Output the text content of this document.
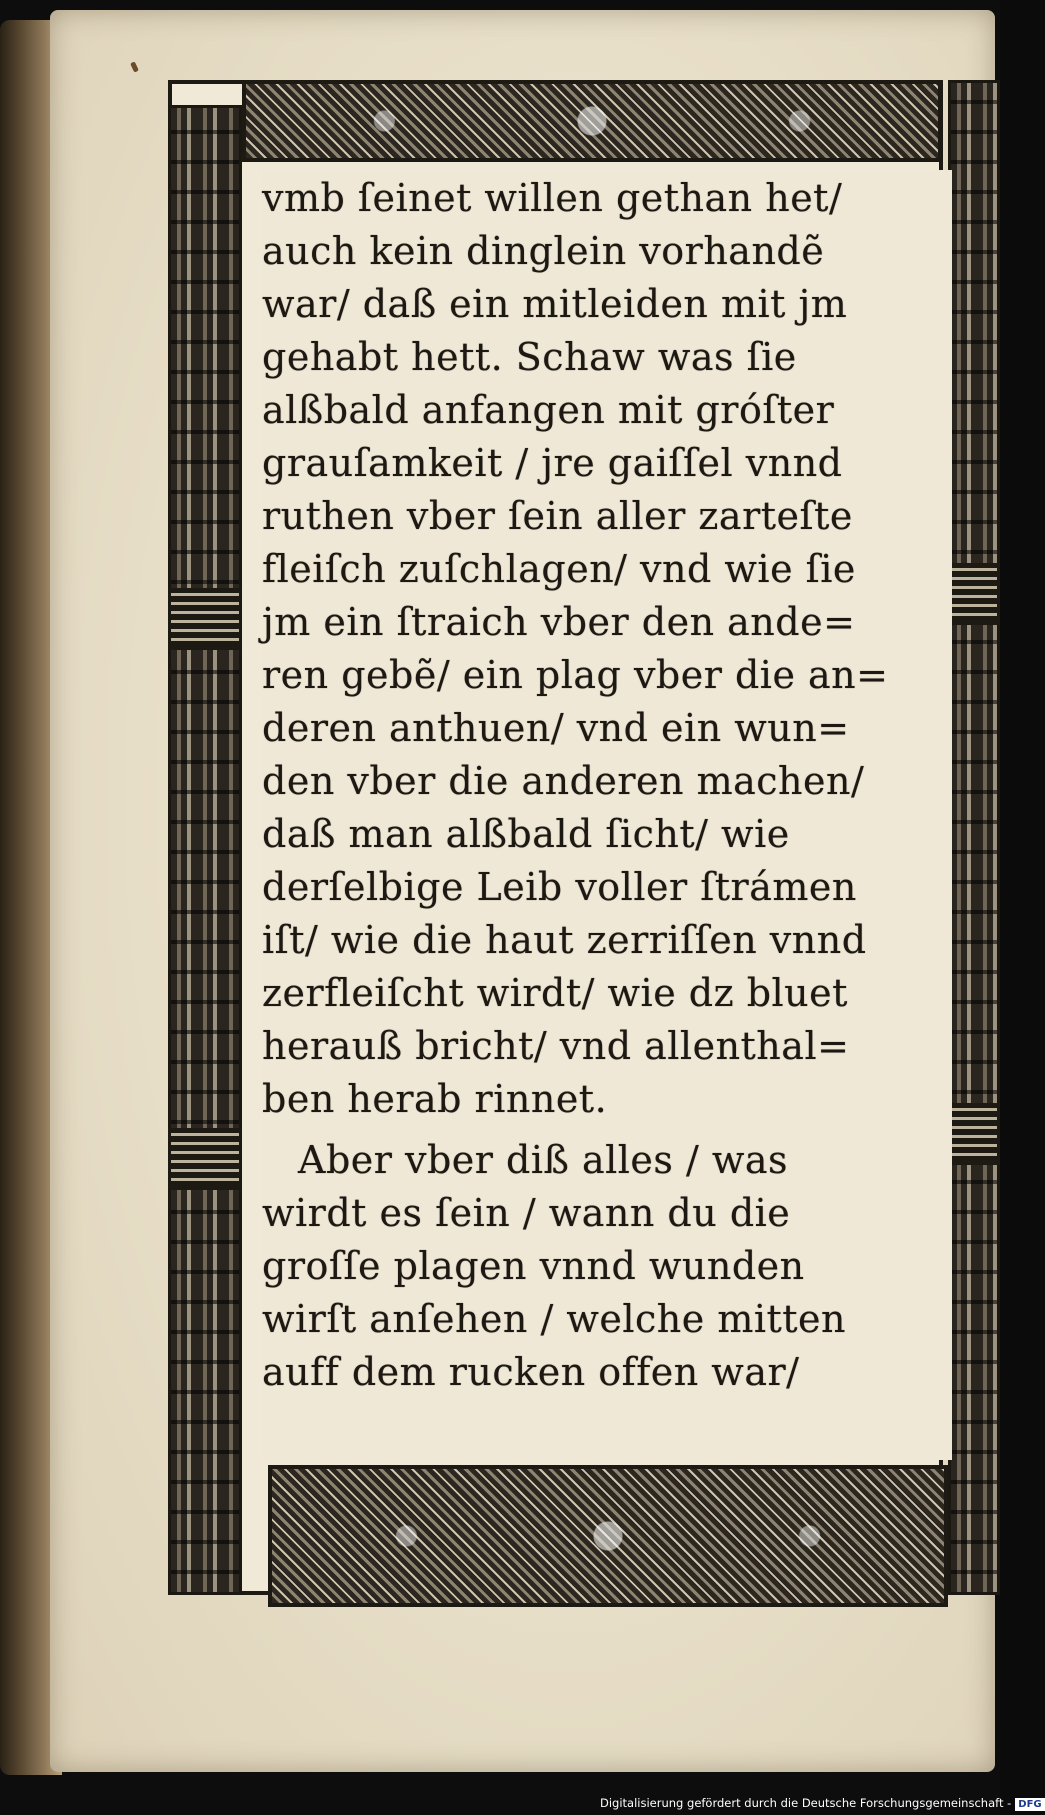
vmb ſeinet willen gethan het/
auch kein dinglein vorhandẽ
war/ daß ein mitleiden mit jm
gehabt hett. Schaw was ſie
alßbald anfangen mit gróſter
grauſamkeit / jre gaiſſel vnnd
ruthen vber ſein aller zarteſte
fleiſch zuſchlagen/ vnd wie ſie
jm ein ſtraich vber den ande=
ren gebẽ/ ein plag vber die an=
deren anthuen/ vnd ein wun=
den vber die anderen machen/
daß man alßbald ſicht/ wie
derſelbige Leib voller ſtrámen
iſt/ wie die haut zerriſſen vnnd
zerfleiſcht wirdt/ wie dz bluet
herauß bricht/ vnd allenthal=
ben herab rinnet.
Aber vber diß alles / was
wirdt es ſein / wann du die
groſſe plagen vnnd wunden
wirſt anſehen / welche mitten
auff dem rucken offen war/
Digitalisierung gefördert durch die Deutsche Forschungsgemeinschaft - DFG
